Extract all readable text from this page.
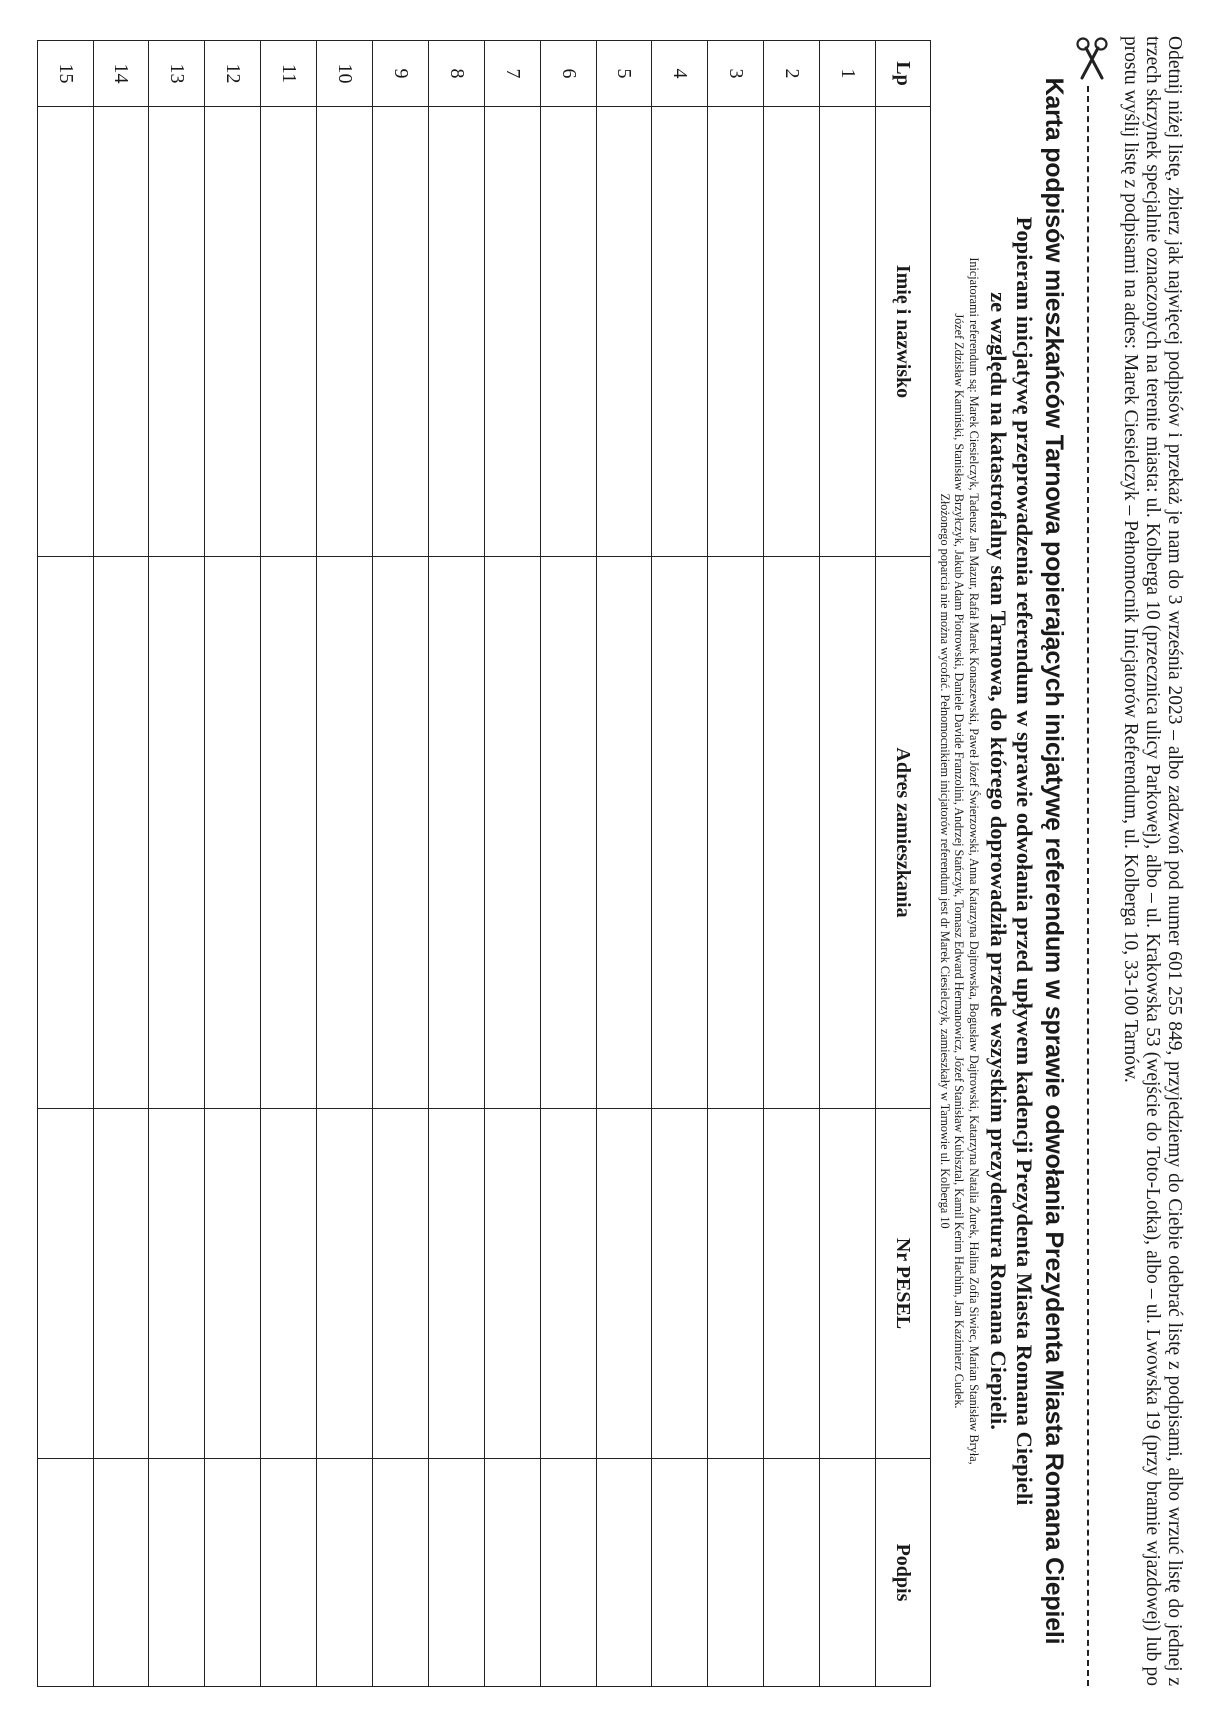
Odetnij niżej listę, zbierz jak najwięcej podpisów i przekaż je nam do 3 września 2023 – albo zadzwoń pod numer 601 255 849, przyjedziemy do Ciebie odebrać listę z podpisami, albo wrzuć listę do jednej z trzech skrzynek specjalnie oznaczonych na terenie miasta: ul. Kolberga 10 (przecznica ulicy Parkowej), albo – ul. Krakowska 53 (wejście do Toto-Lotka), albo – ul. Lwowska 19 (przy bramie wjazdowej) lub po prostu wyślij listę z podpisami na adres: Marek Ciesielczyk – Pełnomocnik Inicjatorów Referendum, ul. Kolberga 10, 33-100 Tarnów.
Karta podpisów mieszkańców Tarnowa popierających inicjatywę referendum w sprawie odwołania Prezydenta Miasta Romana Ciepieli
Popieram inicjatywę przeprowadzenia referendum w sprawie odwołania przed upływem kadencji Prezydenta Miasta Romana Ciepieli
ze względu na katastrofalny stan Tarnowa, do którego doprowadziła przede wszystkim prezydentura Romana Ciepieli.
Inicjatorami referendum są: Marek Ciesielczyk, Tadeusz Jan Mazur, Rafał Marek Konaszewski, Paweł Józef Świerzowski, Anna Katarzyna Dajtrowska, Bogusław Dajtrowski, Katarzyna Natalia Żurek, Halina Zofia Siwiec, Marian Stanisław Bryła,
Józef Zdzisław Kamiński, Stanisław Brzyłczyk, Jakub Adam Piotrowski, Daniele Davide Franzolini, Andrzej Stańczyk, Tomasz Edward Hermanowicz, Józef Stanisław Kubisztal, Kamil Kerim Hachim, Jan Kazimierz Cudek.
Złożonego poparcia nie można wycofać. Pełnomocnikiem inicjatorów referendum jest dr Marek Ciesielczyk, zamieszkały w Tarnowie ul. Kolberga 10
Lp	Imię i nazwisko	Adres zamieszkania	Nr PESEL	Podpis
1				
2				
3				
4				
5				
6				
7				
8				
9				
10				
11				
12				
13				
14				
15				
